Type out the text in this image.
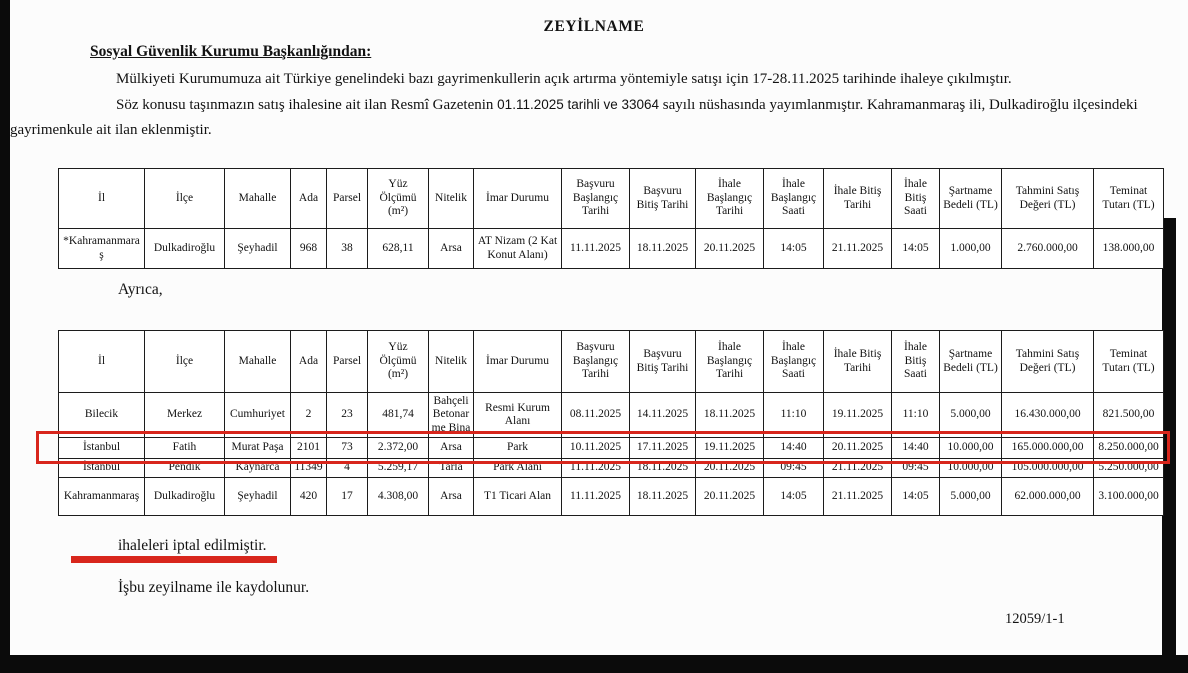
ZEYİLNAME
Sosyal Güvenlik Kurumu Başkanlığından:

Mülkiyeti Kurumumuza ait Türkiye genelindeki bazı gayrimenkullerin açık artırma yöntemiyle satışı için 17-28.11.2025 tarihinde ihaleye çıkılmıştır.

Söz konusu taşınmazın satış ihalesine ait ilan Resmî Gazetenin 01.11.2025 tarihli ve 33064 sayılı nüshasında yayımlanmıştır. Kahramanmaraş ili, Dulkadiroğlu ilçesindeki gayrimenkule ait ilan eklenmiştir.

İl	İlçe	Mahalle	Ada	Parsel	Yüz Ölçümü (m²)	Nitelik	İmar Durumu	Başvuru Başlangıç Tarihi	Başvuru Bitiş Tarihi	İhale Başlangıç Tarihi	İhale Başlangıç Saati	İhale Bitiş Tarihi	İhale Bitiş Saati	Şartname Bedeli (TL)	Tahmini Satış Değeri (TL)	Teminat Tutarı (TL)
*Kahramanmaraş	Dulkadiroğlu	Şeyhadil	968	38	628,11	Arsa	AT Nizam (2 Kat Konut Alanı)	11.11.2025	18.11.2025	20.11.2025	14:05	21.11.2025	14:05	1.000,00	2.760.000,00	138.000,00
Ayrıca,
İl	İlçe	Mahalle	Ada	Parsel	Yüz Ölçümü (m²)	Nitelik	İmar Durumu	Başvuru Başlangıç Tarihi	Başvuru Bitiş Tarihi	İhale Başlangıç Tarihi	İhale Başlangıç Saati	İhale Bitiş Tarihi	İhale Bitiş Saati	Şartname Bedeli (TL)	Tahmini Satış Değeri (TL)	Teminat Tutarı (TL)
Bilecik	Merkez	Cumhuriyet	2	23	481,74	Bahçeli Betonarme Bina	Resmi Kurum Alanı	08.11.2025	14.11.2025	18.11.2025	11:10	19.11.2025	11:10	5.000,00	16.430.000,00	821.500,00
İstanbul	Fatih	Murat Paşa	2101	73	2.372,00	Arsa	Park	10.11.2025	17.11.2025	19.11.2025	14:40	20.11.2025	14:40	10.000,00	165.000.000,00	8.250.000,00
İstanbul	Pendik	Kaynarca	11349	4	5.259,17	Tarla	Park Alanı	11.11.2025	18.11.2025	20.11.2025	09:45	21.11.2025	09:45	10.000,00	105.000.000,00	5.250.000,00
Kahramanmaraş	Dulkadiroğlu	Şeyhadil	420	17	4.308,00	Arsa	T1 Ticari Alan	11.11.2025	18.11.2025	20.11.2025	14:05	21.11.2025	14:05	5.000,00	62.000.000,00	3.100.000,00
ihaleleri iptal edilmiştir.
İşbu zeyilname ile kaydolunur.
12059/1-1
